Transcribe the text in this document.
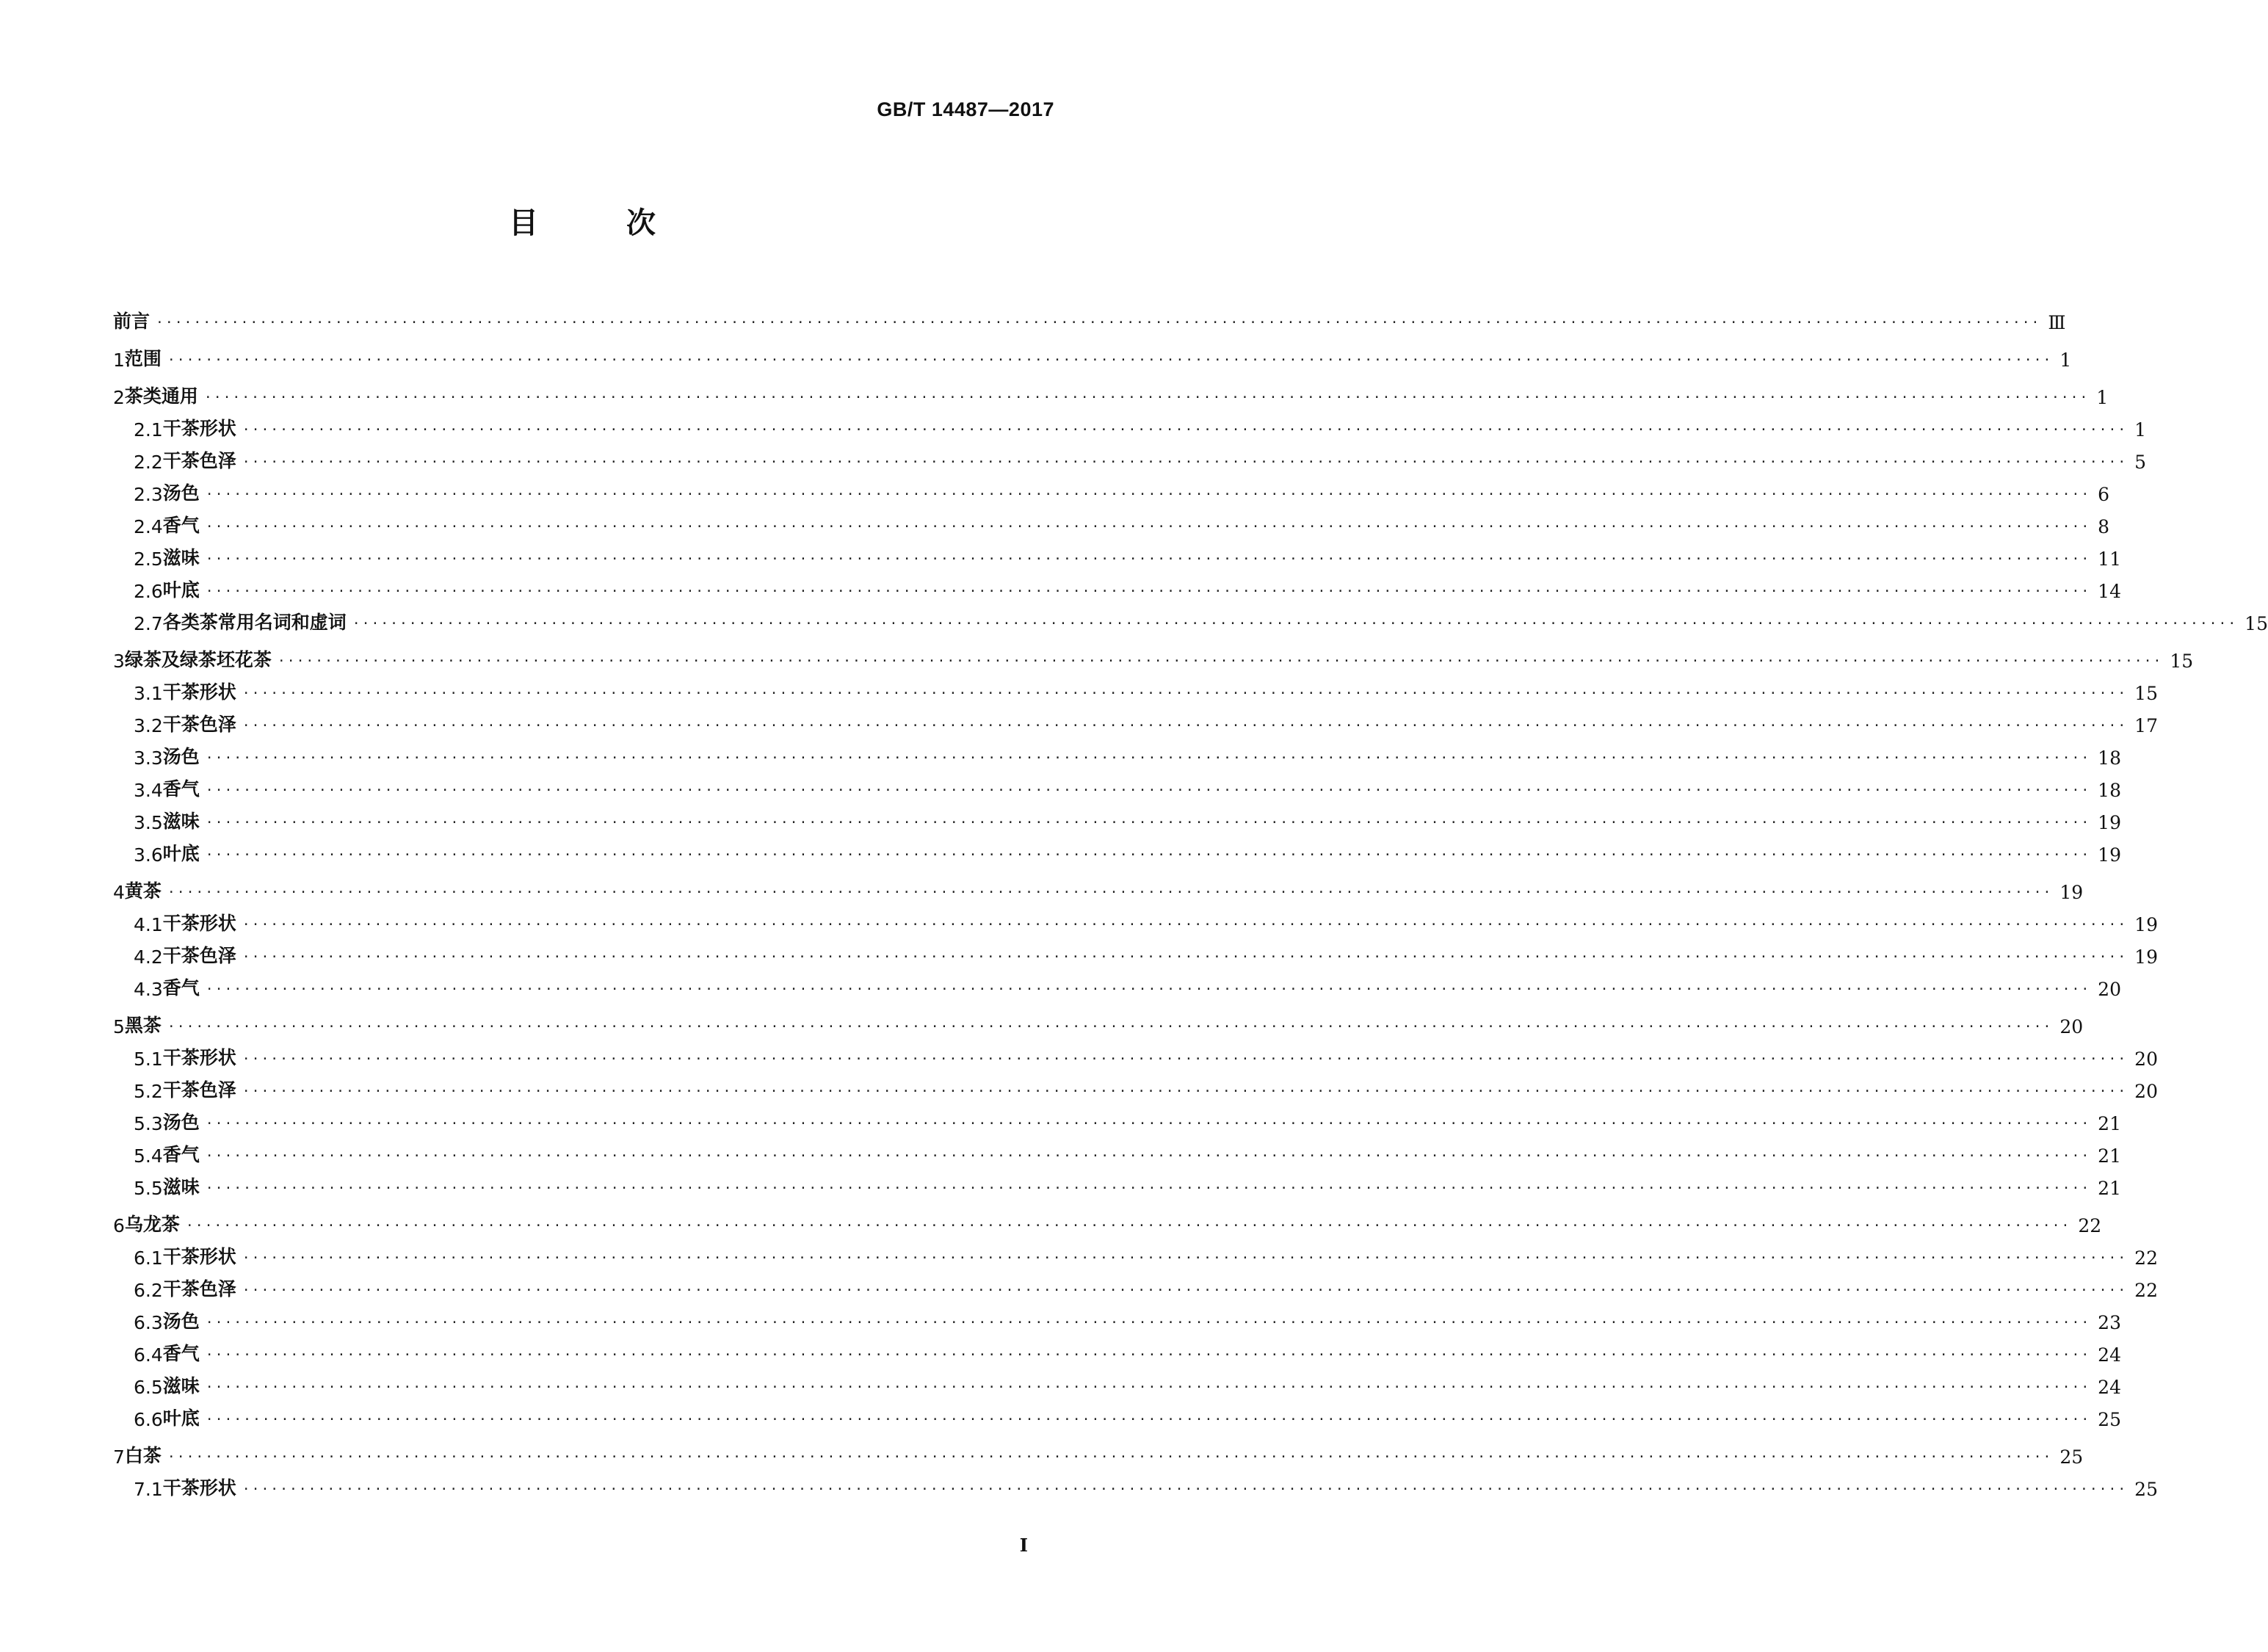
GB/T 14487—2017
目	次
前言 ········································································································································································································ Ⅲ
1 范围 ········································································································································································································ 1
2 茶类通用 ········································································································································································································ 1
2.1 干茶形状 ········································································································································································································ 1
2.2 干茶色泽 ········································································································································································································ 5
2.3 汤色 ········································································································································································································ 6
2.4 香气 ········································································································································································································ 8
2.5 滋味 ········································································································································································································ 11
2.6 叶底 ········································································································································································································ 14
2.7 各类茶常用名词和虚词 ········································································································································································································ 15
3 绿茶及绿茶坯花茶 ········································································································································································································ 15
3.1 干茶形状 ········································································································································································································ 15
3.2 干茶色泽 ········································································································································································································ 17
3.3 汤色 ········································································································································································································ 18
3.4 香气 ········································································································································································································ 18
3.5 滋味 ········································································································································································································ 19
3.6 叶底 ········································································································································································································ 19
4 黄茶 ········································································································································································································ 19
4.1 干茶形状 ········································································································································································································ 19
4.2 干茶色泽 ········································································································································································································ 19
4.3 香气 ········································································································································································································ 20
5 黑茶 ········································································································································································································ 20
5.1 干茶形状 ········································································································································································································ 20
5.2 干茶色泽 ········································································································································································································ 20
5.3 汤色 ········································································································································································································ 21
5.4 香气 ········································································································································································································ 21
5.5 滋味 ········································································································································································································ 21
6 乌龙茶 ········································································································································································································ 22
6.1 干茶形状 ········································································································································································································ 22
6.2 干茶色泽 ········································································································································································································ 22
6.3 汤色 ········································································································································································································ 23
6.4 香气 ········································································································································································································ 24
6.5 滋味 ········································································································································································································ 24
6.6 叶底 ········································································································································································································ 25
7 白茶 ········································································································································································································ 25
7.1 干茶形状 ········································································································································································································ 25
I
